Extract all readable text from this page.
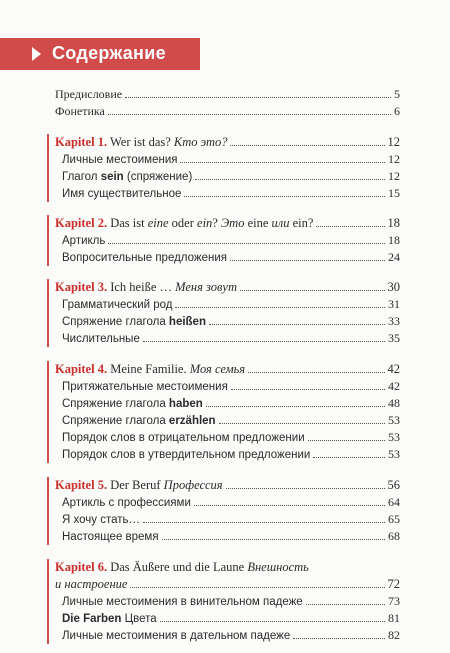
Содержание
Предисловие	5
Фонетика	6
Kapitel 1. Wer ist das? Кто это?	12
Личные местоимения	12
Глагол sein (спряжение)	12
Имя существительное	15
Kapitel 2. Das ist eine oder ein? Это eine или ein?	18
Артикль	18
Вопросительные предложения	24
Kapitel 3. Ich heiße … Меня зовут	30
Грамматический род	31
Спряжение глагола heißen	33
Числительные	35
Kapitel 4. Meine Familie. Моя семья	42
Притяжательные местоимения	42
Спряжение глагола haben	48
Спряжение глагола erzählen	53
Порядок слов в отрицательном предложении	53
Порядок слов в утвердительном предложении	53
Kapitel 5. Der Beruf Профессия	56
Артикль с профессиями	64
Я хочу стать…	65
Настоящее время	68
Kapitel 6. Das Äußere und die Laune Внешность
и настроение	72
Личные местоимения в винительном падеже	73
Die Farben Цвета	81
Личные местоимения в дательном падеже	82
